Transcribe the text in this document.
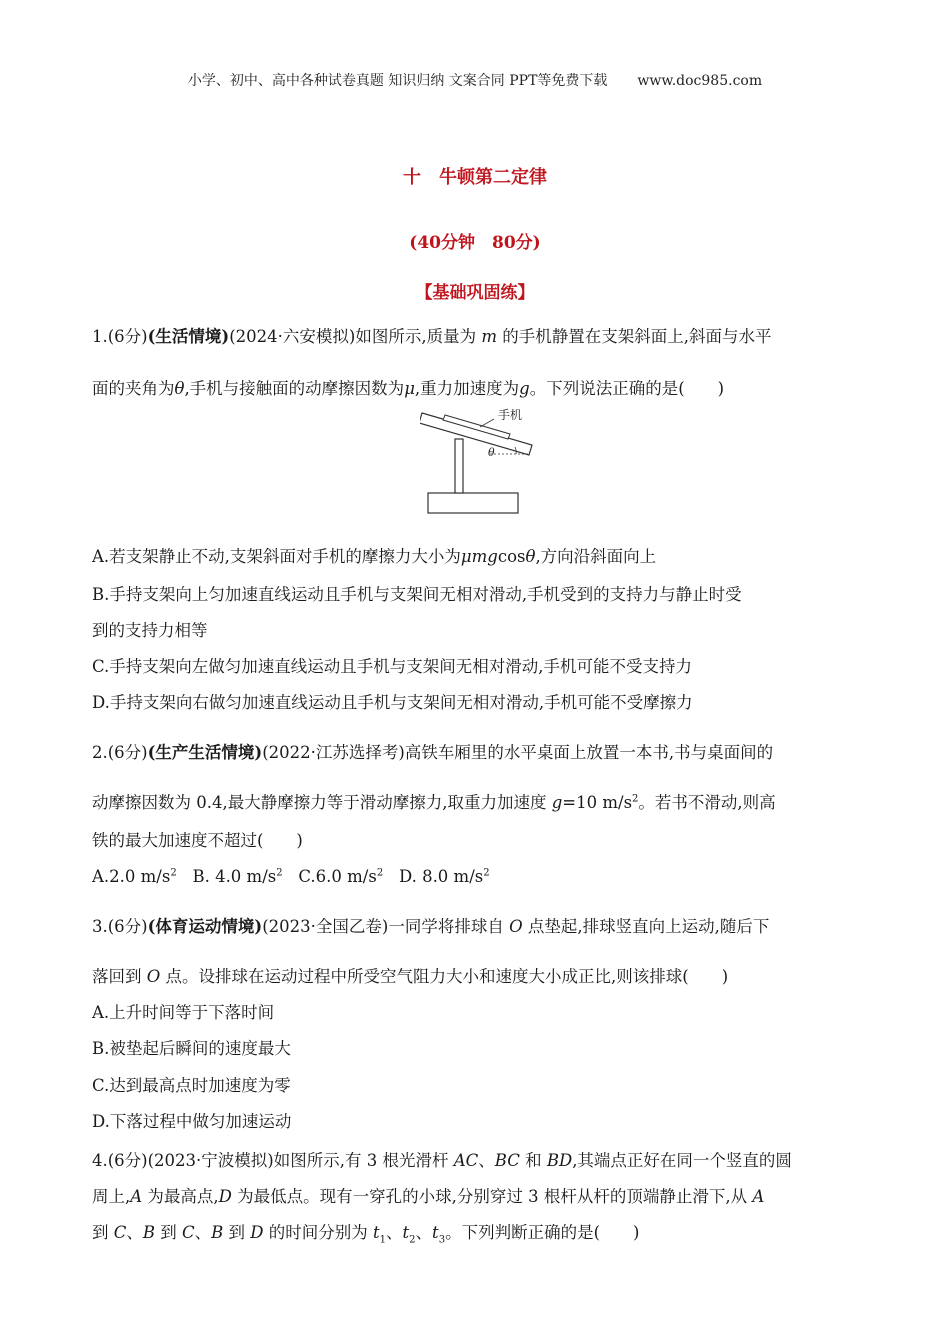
小学、初中、高中各种试卷真题 知识归纳 文案合同 PPT等免费下载 www.doc985.com
十　牛顿第二定律
(40分钟　80分)
【基础巩固练】
1.(6分)(生活情境)(2024·六安模拟)如图所示,质量为 m 的手机静置在支架斜面上,斜面与水平
面的夹角为θ,手机与接触面的动摩擦因数为μ,重力加速度为g。下列说法正确的是(　　)
手机
θ
A.若支架静止不动,支架斜面对手机的摩擦力大小为μmgcosθ,方向沿斜面向上
B.手持支架向上匀加速直线运动且手机与支架间无相对滑动,手机受到的支持力与静止时受
到的支持力相等
C.手持支架向左做匀加速直线运动且手机与支架间无相对滑动,手机可能不受支持力
D.手持支架向右做匀加速直线运动且手机与支架间无相对滑动,手机可能不受摩擦力
2.(6分)(生产生活情境)(2022·江苏选择考)高铁车厢里的水平桌面上放置一本书,书与桌面间的
动摩擦因数为 0.4,最大静摩擦力等于滑动摩擦力,取重力加速度 g=10 $m/s^2$。若书不滑动,则高
铁的最大加速度不超过(　　)
A.2.0 $m/s^2$ B. 4.0 $m/s^2$ C.6.0 $m/s^2$ D. 8.0 $m/s^2$
3.(6分)(体育运动情境)(2023·全国乙卷)一同学将排球自 O 点垫起,排球竖直向上运动,随后下
落回到 O 点。设排球在运动过程中所受空气阻力大小和速度大小成正比,则该排球(　　)
A.上升时间等于下落时间
B.被垫起后瞬间的速度最大
C.达到最高点时加速度为零
D.下落过程中做匀加速运动
4.(6分)(2023·宁波模拟)如图所示,有 3 根光滑杆 AC、BC 和 BD,其端点正好在同一个竖直的圆
周上,A 为最高点,D 为最低点。现有一穿孔的小球,分别穿过 3 根杆从杆的顶端静止滑下,从 A
到 C、B 到 C、B 到 D 的时间分别为 $t_1$、$t_2$、$t_3$。下列判断正确的是(　　)
